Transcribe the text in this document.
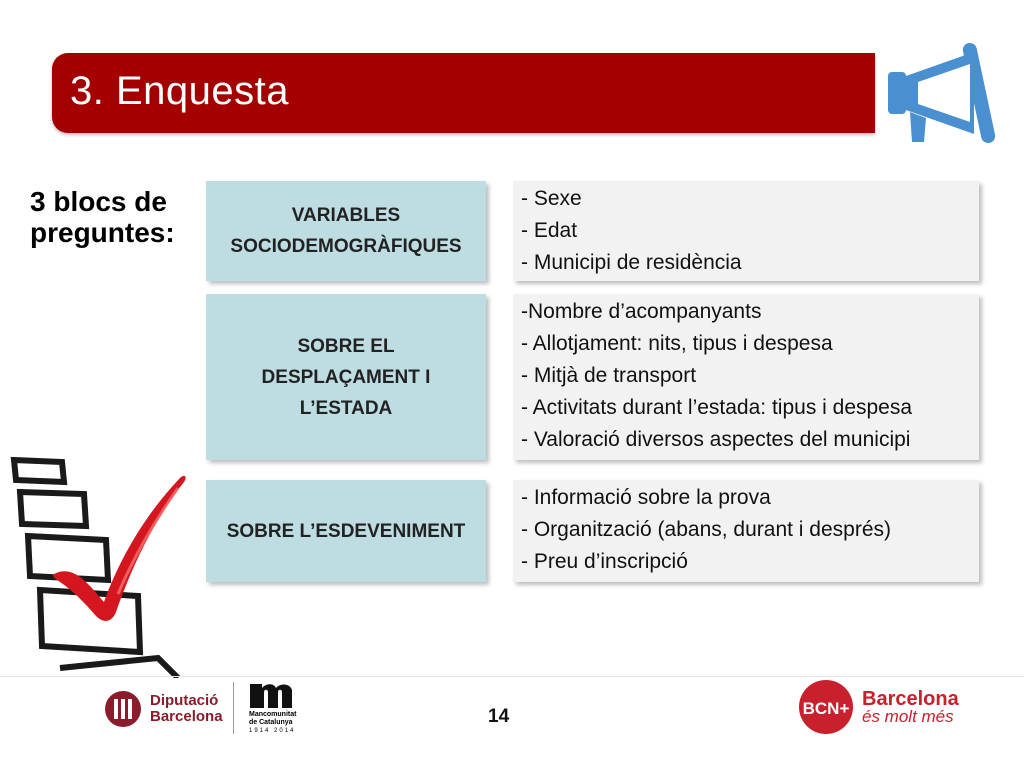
3. Enquesta
3 blocs de
preguntes:
VARIABLES
SOCIODEMOGRÀFIQUES
- Sexe
- Edat
- Municipi de residència
SOBRE EL
DESPLAÇAMENT I
L’ESTADA
-Nombre d’acompanyants
- Allotjament: nits, tipus i despesa
- Mitjà de transport
- Activitats durant l’estada: tipus i despesa
- Valoració diversos aspectes del municipi
SOBRE L’ESDEVENIMENT
- Informació sobre la prova
- Organització (abans, durant i després)
- Preu d’inscripció
Diputació
Barcelona	Mancomunitat
de Catalunya
1914 2014
14	BCN+ Barcelona
és molt més
